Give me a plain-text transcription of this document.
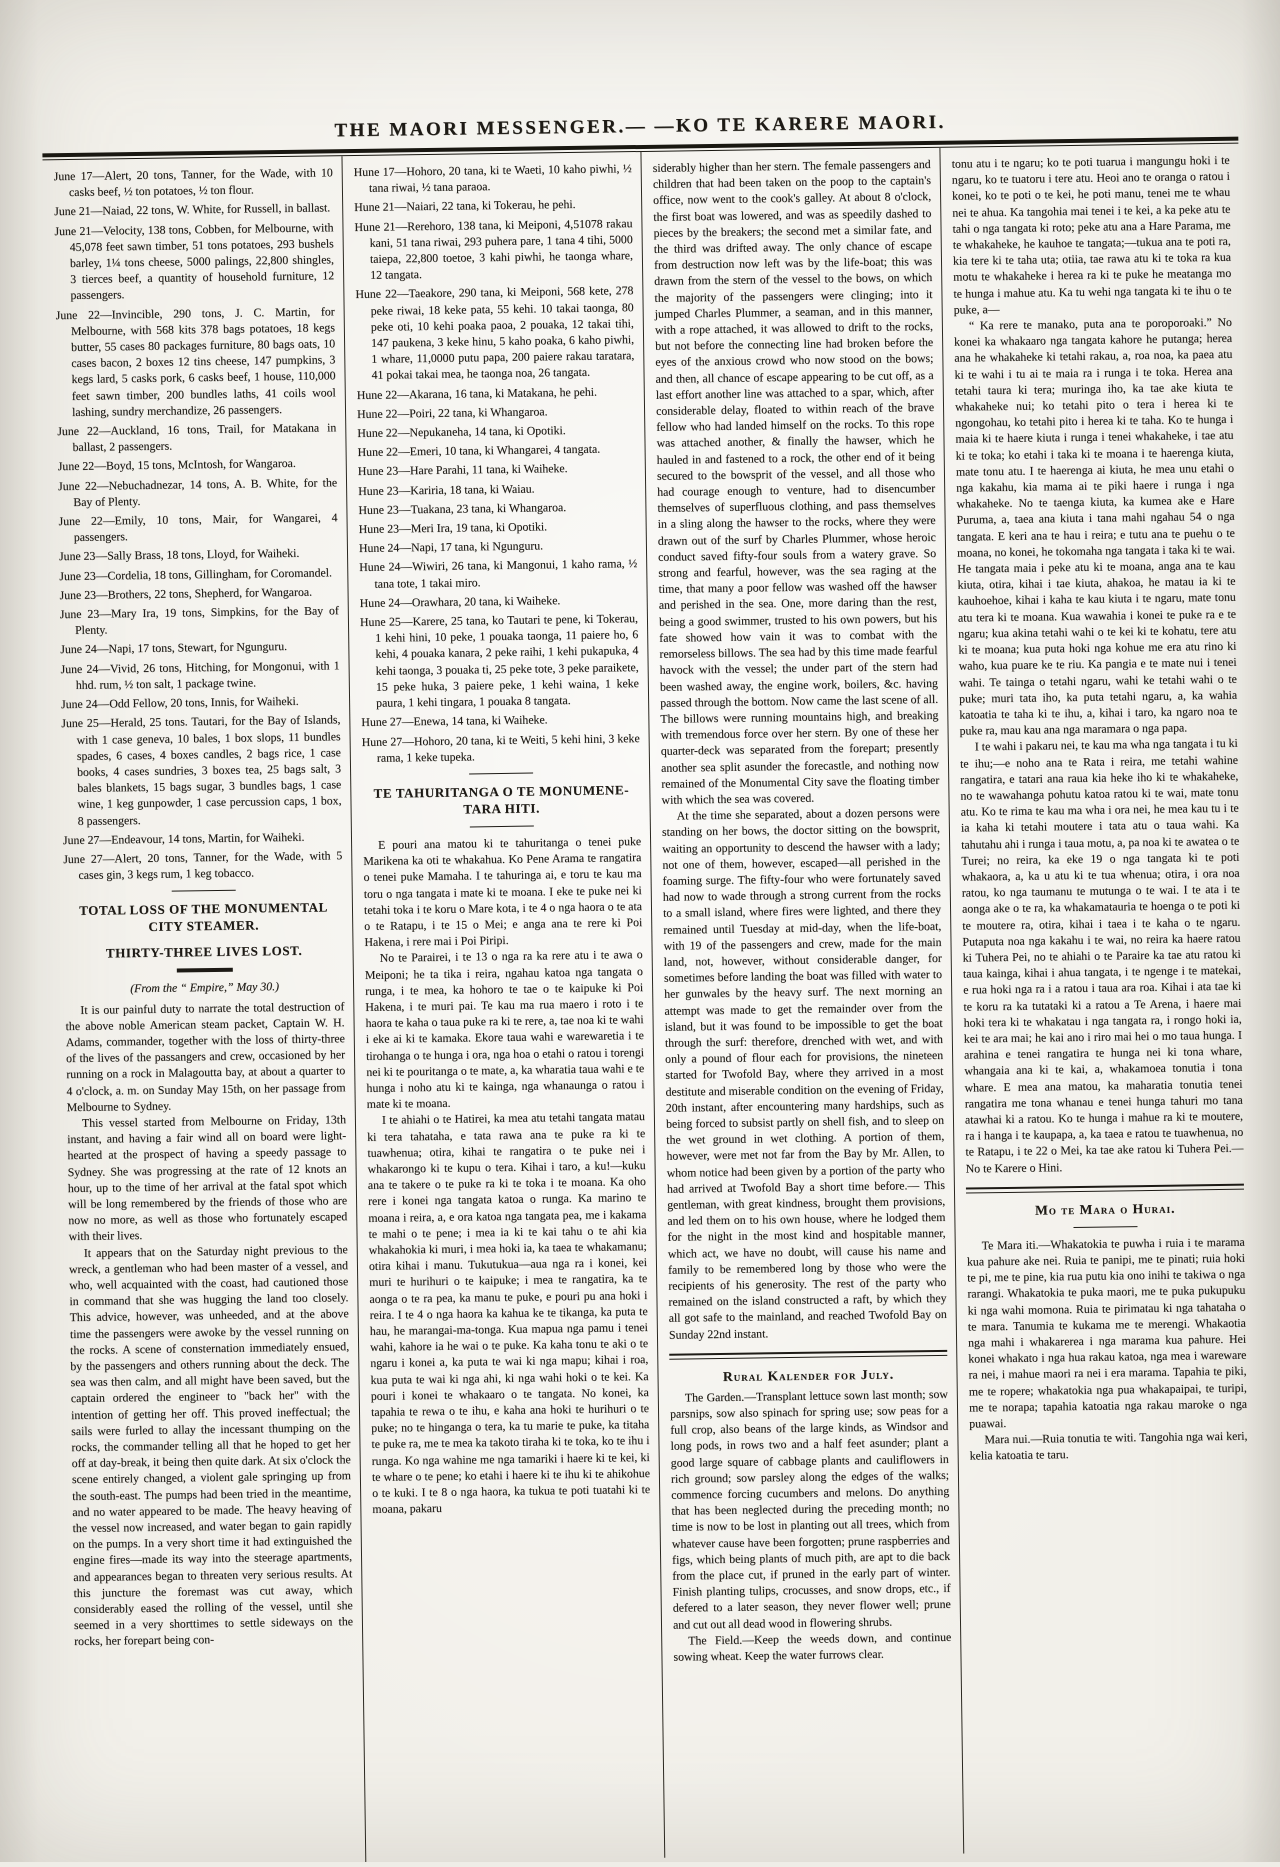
THE MAORI MESSENGER.— —KO TE KARERE MAORI.
June 17—Alert, 20 tons, Tanner, for the Wade, with 10 casks beef, ½ ton potatoes, ½ ton flour.
June 21—Naiad, 22 tons, W. White, for Russell, in ballast.
June 21—Velocity, 138 tons, Cobben, for Melbourne, with 45,078 feet sawn timber, 51 tons potatoes, 293 bushels barley, 1¼ tons cheese, 5000 palings, 22,800 shingles, 3 tierces beef, a quantity of household furniture, 12 passengers.
June 22—Invincible, 290 tons, J. C. Martin, for Melbourne, with 568 kits 378 bags potatoes, 18 kegs butter, 55 cases 80 packages furniture, 80 bags oats, 10 cases bacon, 2 boxes 12 tins cheese, 147 pumpkins, 3 kegs lard, 5 casks pork, 6 casks beef, 1 house, 110,000 feet sawn timber, 200 bundles laths, 41 coils wool lashing, sundry merchandize, 26 passengers.
June 22—Auckland, 16 tons, Trail, for Matakana in ballast, 2 passengers.
June 22—Boyd, 15 tons, McIntosh, for Wangaroa.
June 22—Nebuchadnezar, 14 tons, A. B. White, for the Bay of Plenty.
June 22—Emily, 10 tons, Mair, for Wangarei, 4 passengers.
June 23—Sally Brass, 18 tons, Lloyd, for Waiheki.
June 23—Cordelia, 18 tons, Gillingham, for Coromandel.
June 23—Brothers, 22 tons, Shepherd, for Wangaroa.
June 23—Mary Ira, 19 tons, Simpkins, for the Bay of Plenty.
June 24—Napi, 17 tons, Stewart, for Ngunguru.
June 24—Vivid, 26 tons, Hitching, for Mongonui, with 1 hhd. rum, ½ ton salt, 1 package twine.
June 24—Odd Fellow, 20 tons, Innis, for Waiheki.
June 25—Herald, 25 tons. Tautari, for the Bay of Islands, with 1 case geneva, 10 bales, 1 box slops, 11 bundles spades, 6 cases, 4 boxes candles, 2 bags rice, 1 case books, 4 cases sundries, 3 boxes tea, 25 bags salt, 3 bales blankets, 15 bags sugar, 3 bundles bags, 1 case wine, 1 keg gunpowder, 1 case percussion caps, 1 box, 8 passengers.
June 27—Endeavour, 14 tons, Martin, for Waiheki.
June 27—Alert, 20 tons, Tanner, for the Wade, with 5 cases gin, 3 kegs rum, 1 keg tobacco.
TOTAL LOSS OF THE MONUMENTAL CITY STEAMER.
THIRTY-THREE LIVES LOST.
(From the “ Empire,” May 30.)
It is our painful duty to narrate the total destruction of the above noble American steam packet, Captain W. H. Adams, commander, together with the loss of thirty-three of the lives of the passangers and crew, occasioned by her running on a rock in Malagoutta bay, at about a quarter to 4 o'clock, a. m. on Sunday May 15th, on her passage from Melbourne to Sydney.
This vessel started from Melbourne on Friday, 13th instant, and having a fair wind all on board were light-hearted at the prospect of having a speedy passage to Sydney. She was progressing at the rate of 12 knots an hour, up to the time of her arrival at the fatal spot which will be long remembered by the friends of those who are now no more, as well as those who fortunately escaped with their lives.
It appears that on the Saturday night previous to the wreck, a gentleman who had been master of a vessel, and who, well acquainted with the coast, had cautioned those in command that she was hugging the land too closely. This advice, however, was unheeded, and at the above time the passengers were awoke by the vessel running on the rocks. A scene of consternation immediately ensued, by the passengers and others running about the deck. The sea was then calm, and all might have been saved, but the captain ordered the engineer to "back her" with the intention of getting her off. This proved ineffectual; the sails were furled to allay the incessant thumping on the rocks, the commander telling all that he hoped to get her off at day-break, it being then quite dark. At six o'clock the scene entirely changed, a violent gale springing up from the south-east. The pumps had been tried in the meantime, and no water appeared to be made. The heavy heaving of the vessel now increased, and water began to gain rapidly on the pumps. In a very short time it had extinguished the engine fires—made its way into the steerage apartments, and appearances began to threaten very serious results. At this juncture the foremast was cut away, which considerably eased the rolling of the vessel, until she seemed in a very shorttimes to settle sideways on the rocks, her forepart being con-
Hune 17—Hohoro, 20 tana, ki te Waeti, 10 kaho piwhi, ½ tana riwai, ½ tana paraoa.
Hune 21—Naiari, 22 tana, ki Tokerau, he pehi.
Hune 21—Rerehoro, 138 tana, ki Meiponi, 4,51078 rakau kani, 51 tana riwai, 293 puhera pare, 1 tana 4 tihi, 5000 taiepa, 22,800 toetoe, 3 kahi piwhi, he taonga whare, 12 tangata.
Hune 22—Taeakore, 290 tana, ki Meiponi, 568 kete, 278 peke riwai, 18 keke pata, 55 kehi. 10 takai taonga, 80 peke oti, 10 kehi poaka paoa, 2 pouaka, 12 takai tihi, 147 paukena, 3 keke hinu, 5 kaho poaka, 6 kaho piwhi, 1 whare, 11,0000 putu papa, 200 paiere rakau taratara, 41 pokai takai mea, he taonga noa, 26 tangata.
Hune 22—Akarana, 16 tana, ki Matakana, he pehi.
Hune 22—Poiri, 22 tana, ki Whangaroa.
Hune 22—Nepukaneha, 14 tana, ki Opotiki.
Hune 22—Emeri, 10 tana, ki Whangarei, 4 tangata.
Hune 23—Hare Parahi, 11 tana, ki Waiheke.
Hune 23—Kariria, 18 tana, ki Waiau.
Hune 23—Tuakana, 23 tana, ki Whangaroa.
Hune 23—Meri Ira, 19 tana, ki Opotiki.
Hune 24—Napi, 17 tana, ki Ngunguru.
Hune 24—Wiwiri, 26 tana, ki Mangonui, 1 kaho rama, ½ tana tote, 1 takai miro.
Hune 24—Orawhara, 20 tana, ki Waiheke.
Hune 25—Karere, 25 tana, ko Tautari te pene, ki Tokerau, 1 kehi hini, 10 peke, 1 pouaka taonga, 11 paiere ho, 6 kehi, 4 pouaka kanara, 2 peke raihi, 1 kehi pukapuka, 4 kehi taonga, 3 pouaka ti, 25 peke tote, 3 peke paraikete, 15 peke huka, 3 paiere peke, 1 kehi waina, 1 keke paura, 1 kehi tingara, 1 pouaka 8 tangata.
Hune 27—Enewa, 14 tana, ki Waiheke.
Hune 27—Hohoro, 20 tana, ki te Weiti, 5 kehi hini, 3 keke rama, 1 keke tupeka.
TE TAHURITANGA O TE MONUMENE-TARA HITI.
E pouri ana matou ki te tahuritanga o tenei puke Marikena ka oti te whakahua. Ko Pene Arama te rangatira o tenei puke Mamaha. I te tahuringa ai, e toru te kau ma toru o nga tangata i mate ki te moana. I eke te puke nei ki tetahi toka i te koru o Mare kota, i te 4 o nga haora o te ata o te Ratapu, i te 15 o Mei; e anga ana te rere ki Poi Hakena, i rere mai i Poi Piripi.
No te Parairei, i te 13 o nga ra ka rere atu i te awa o Meiponi; he ta tika i reira, ngahau katoa nga tangata o runga, i te mea, ka hohoro te tae o te kaipuke ki Poi Hakena, i te muri pai. Te kau ma rua maero i roto i te haora te kaha o taua puke ra ki te rere, a, tae noa ki te wahi i eke ai ki te kamaka. Ekore taua wahi e warewaretia i te tirohanga o te hunga i ora, nga hoa o etahi o ratou i torengi nei ki te pouritanga o te mate, a, ka wharatia taua wahi e te hunga i noho atu ki te kainga, nga whanaunga o ratou i mate ki te moana.
I te ahiahi o te Hatirei, ka mea atu tetahi tangata matau ki tera tahataha, e tata rawa ana te puke ra ki te tuawhenua; otira, kihai te rangatira o te puke nei i whakarongo ki te kupu o tera. Kihai i taro, a ku!—kuku ana te takere o te puke ra ki te toka i te moana. Ka oho rere i konei nga tangata katoa o runga. Ka marino te moana i reira, a, e ora katoa nga tangata pea, me i kakama te mahi o te pene; i mea ia ki te kai tahu o te ahi kia whakahokia ki muri, i mea hoki ia, ka taea te whakamanu; otira kihai i manu. Tukutukua—aua nga ra i konei, kei muri te hurihuri o te kaipuke; i mea te rangatira, ka te aonga o te ra pea, ka manu te puke, e pouri pu ana hoki i reira. I te 4 o nga haora ka kahua ke te tikanga, ka puta te hau, he marangai-ma-tonga. Kua mapua nga pamu i tenei wahi, kahore ia he wai o te puke. Ka kaha tonu te aki o te ngaru i konei a, ka puta te wai ki nga mapu; kihai i roa, kua puta te wai ki nga ahi, ki nga wahi hoki o te kei. Ka pouri i konei te whakaaro o te tangata. No konei, ka tapahia te rewa o te ihu, e kaha ana hoki te hurihuri o te puke; no te hinganga o tera, ka tu marie te puke, ka titaha te puke ra, me te mea ka takoto tiraha ki te toka, ko te ihu i runga. Ko nga wahine me nga tamariki i haere ki te kei, ki te whare o te pene; ko etahi i haere ki te ihu ki te ahikohue o te kuki. I te 8 o nga haora, ka tukua te poti tuatahi ki te moana, pakaru
siderably higher than her stern. The female passengers and children that had been taken on the poop to the captain's office, now went to the cook's galley. At about 8 o'clock, the first boat was lowered, and was as speedily dashed to pieces by the breakers; the second met a similar fate, and the third was drifted away. The only chance of escape from destruction now left was by the life-boat; this was drawn from the stern of the vessel to the bows, on which the majority of the passengers were clinging; into it jumped Charles Plummer, a seaman, and in this manner, with a rope attached, it was allowed to drift to the rocks, but not before the connecting line had broken before the eyes of the anxious crowd who now stood on the bows; and then, all chance of escape appearing to be cut off, as a last effort another line was attached to a spar, which, after considerable delay, floated to within reach of the brave fellow who had landed himself on the rocks. To this rope was attached another, & finally the hawser, which he hauled in and fastened to a rock, the other end of it being secured to the bowsprit of the vessel, and all those who had courage enough to venture, had to disencumber themselves of superfluous clothing, and pass themselves in a sling along the hawser to the rocks, where they were drawn out of the surf by Charles Plummer, whose heroic conduct saved fifty-four souls from a watery grave. So strong and fearful, however, was the sea raging at the time, that many a poor fellow was washed off the hawser and perished in the sea. One, more daring than the rest, being a good swimmer, trusted to his own powers, but his fate showed how vain it was to combat with the remorseless billows. The sea had by this time made fearful havock with the vessel; the under part of the stern had been washed away, the engine work, boilers, &c. having passed through the bottom. Now came the last scene of all. The billows were running mountains high, and breaking with tremendous force over her stern. By one of these her quarter-deck was separated from the forepart; presently another sea split asunder the forecastle, and nothing now remained of the Monumental City save the floating timber with which the sea was covered.
At the time she separated, about a dozen persons were standing on her bows, the doctor sitting on the bowsprit, waiting an opportunity to descend the hawser with a lady; not one of them, however, escaped—all perished in the foaming surge. The fifty-four who were fortunately saved had now to wade through a strong current from the rocks to a small island, where fires were lighted, and there they remained until Tuesday at mid-day, when the life-boat, with 19 of the passengers and crew, made for the main land, not, however, without considerable danger, for sometimes before landing the boat was filled with water to her gunwales by the heavy surf. The next morning an attempt was made to get the remainder over from the island, but it was found to be impossible to get the boat through the surf: therefore, drenched with wet, and with only a pound of flour each for provisions, the nineteen started for Twofold Bay, where they arrived in a most destitute and miserable condition on the evening of Friday, 20th instant, after encountering many hardships, such as being forced to subsist partly on shell fish, and to sleep on the wet ground in wet clothing. A portion of them, however, were met not far from the Bay by Mr. Allen, to whom notice had been given by a portion of the party who had arrived at Twofold Bay a short time before.— This gentleman, with great kindness, brought them provisions, and led them on to his own house, where he lodged them for the night in the most kind and hospitable manner, which act, we have no doubt, will cause his name and family to be remembered long by those who were the recipients of his generosity. The rest of the party who remained on the island constructed a raft, by which they all got safe to the mainland, and reached Twofold Bay on Sunday 22nd instant.
Rural Kalender for July.
The Garden.—Transplant lettuce sown last month; sow parsnips, sow also spinach for spring use; sow peas for a full crop, also beans of the large kinds, as Windsor and long pods, in rows two and a half feet asunder; plant a good large square of cabbage plants and cauliflowers in rich ground; sow parsley along the edges of the walks; commence forcing cucumbers and melons. Do anything that has been neglected during the preceding month; no time is now to be lost in planting out all trees, which from whatever cause have been forgotten; prune raspberries and figs, which being plants of much pith, are apt to die back from the place cut, if pruned in the early part of winter. Finish planting tulips, crocusses, and snow drops, etc., if defered to a later season, they never flower well; prune and cut out all dead wood in flowering shrubs.
The Field.—Keep the weeds down, and continue sowing wheat. Keep the water furrows clear.
tonu atu i te ngaru; ko te poti tuarua i mangungu hoki i te ngaru, ko te tuatoru i tere atu. Heoi ano te oranga o ratou i konei, ko te poti o te kei, he poti manu, tenei me te whau nei te ahua. Ka tangohia mai tenei i te kei, a ka peke atu te tahi o nga tangata ki roto; peke atu ana a Hare Parama, me te whakaheke, he kauhoe te tangata;—tukua ana te poti ra, kia tere ki te taha uta; otiia, tae rawa atu ki te toka ra kua motu te whakaheke i herea ra ki te puke he meatanga mo te hunga i mahue atu. Ka tu wehi nga tangata ki te ihu o te puke, a—
“ Ka rere te manako, puta ana te poroporoaki.” No konei ka whakaaro nga tangata kahore he putanga; herea ana he whakaheke ki tetahi rakau, a, roa noa, ka paea atu ki te wahi i tu ai te maia ra i runga i te toka. Herea ana tetahi taura ki tera; muringa iho, ka tae ake kiuta te whakaheke nui; ko tetahi pito o tera i herea ki te ngongohau, ko tetahi pito i herea ki te taha. Ko te hunga i maia ki te haere kiuta i runga i tenei whakaheke, i tae atu ki te toka; ko etahi i taka ki te moana i te haerenga kiuta, mate tonu atu. I te haerenga ai kiuta, he mea unu etahi o nga kakahu, kia mama ai te piki haere i runga i nga whakaheke. No te taenga kiuta, ka kumea ake e Hare Puruma, a, taea ana kiuta i tana mahi ngahau 54 o nga tangata. E keri ana te hau i reira; e tutu ana te puehu o te moana, no konei, he tokomaha nga tangata i taka ki te wai. He tangata maia i peke atu ki te moana, anga ana te kau kiuta, otira, kihai i tae kiuta, ahakoa, he matau ia ki te kauhoehoe, kihai i kaha te kau kiuta i te ngaru, mate tonu atu tera ki te moana. Kua wawahia i konei te puke ra e te ngaru; kua akina tetahi wahi o te kei ki te kohatu, tere atu ki te moana; kua puta hoki nga kohue me era atu rino ki waho, kua puare ke te riu. Ka pangia e te mate nui i tenei wahi. Te tainga o tetahi ngaru, wahi ke tetahi wahi o te puke; muri tata iho, ka puta tetahi ngaru, a, ka wahia katoatia te taha ki te ihu, a, kihai i taro, ka ngaro noa te puke ra, mau kau ana nga maramara o nga papa.
I te wahi i pakaru nei, te kau ma wha nga tangata i tu ki te ihu;—e noho ana te Rata i reira, me tetahi wahine rangatira, e tatari ana raua kia heke iho ki te whakaheke, no te wawahanga pohutu katoa ratou ki te wai, mate tonu atu. Ko te rima te kau ma wha i ora nei, he mea kau tu i te ia kaha ki tetahi moutere i tata atu o taua wahi. Ka tahutahu ahi i runga i taua motu, a, pa noa ki te awatea o te Turei; no reira, ka eke 19 o nga tangata ki te poti whakaora, a, ka u atu ki te tua whenua; otira, i ora noa ratou, ko nga taumanu te mutunga o te wai. I te ata i te aonga ake o te ra, ka whakamatauria te hoenga o te poti ki te moutere ra, otira, kihai i taea i te kaha o te ngaru. Putaputa noa nga kakahu i te wai, no reira ka haere ratou ki Tuhera Pei, no te ahiahi o te Paraire ka tae atu ratou ki taua kainga, kihai i ahua tangata, i te ngenge i te matekai, e rua hoki nga ra i a ratou i taua ara roa. Kihai i ata tae ki te koru ra ka tutataki ki a ratou a Te Arena, i haere mai hoki tera ki te whakatau i nga tangata ra, i rongo hoki ia, kei te ara mai; he kai ano i riro mai hei o mo taua hunga. I arahina e tenei rangatira te hunga nei ki tona whare, whangaia ana ki te kai, a, whakamoea tonutia i tona whare. E mea ana matou, ka maharatia tonutia tenei rangatira me tona whanau e tenei hunga tahuri mo tana atawhai ki a ratou. Ko te hunga i mahue ra ki te moutere, ra i hanga i te kaupapa, a, ka taea e ratou te tuawhenua, no te Ratapu, i te 22 o Mei, ka tae ake ratou ki Tuhera Pei.—No te Karere o Hini.
Mo te Mara o Hurai.
Te Mara iti.—Whakatokia te puwha i ruia i te marama kua pahure ake nei. Ruia te panipi, me te pinati; ruia hoki te pi, me te pine, kia rua putu kia ono inihi te takiwa o nga rarangi. Whakatokia te puka maori, me te puka pukupuku ki nga wahi momona. Ruia te pirimatau ki nga tahataha o te mara. Tanumia te kukama me te merengi. Whakaotia nga mahi i whakarerea i nga marama kua pahure. Hei konei whakato i nga hua rakau katoa, nga mea i wareware ra nei, i mahue maori ra nei i era marama. Tapahia te piki, me te ropere; whakatokia nga pua whakapaipai, te turipi, me te norapa; tapahia katoatia nga rakau maroke o nga puawai.
Mara nui.—Ruia tonutia te witi. Tangohia nga wai keri, kelia katoatia te taru.
